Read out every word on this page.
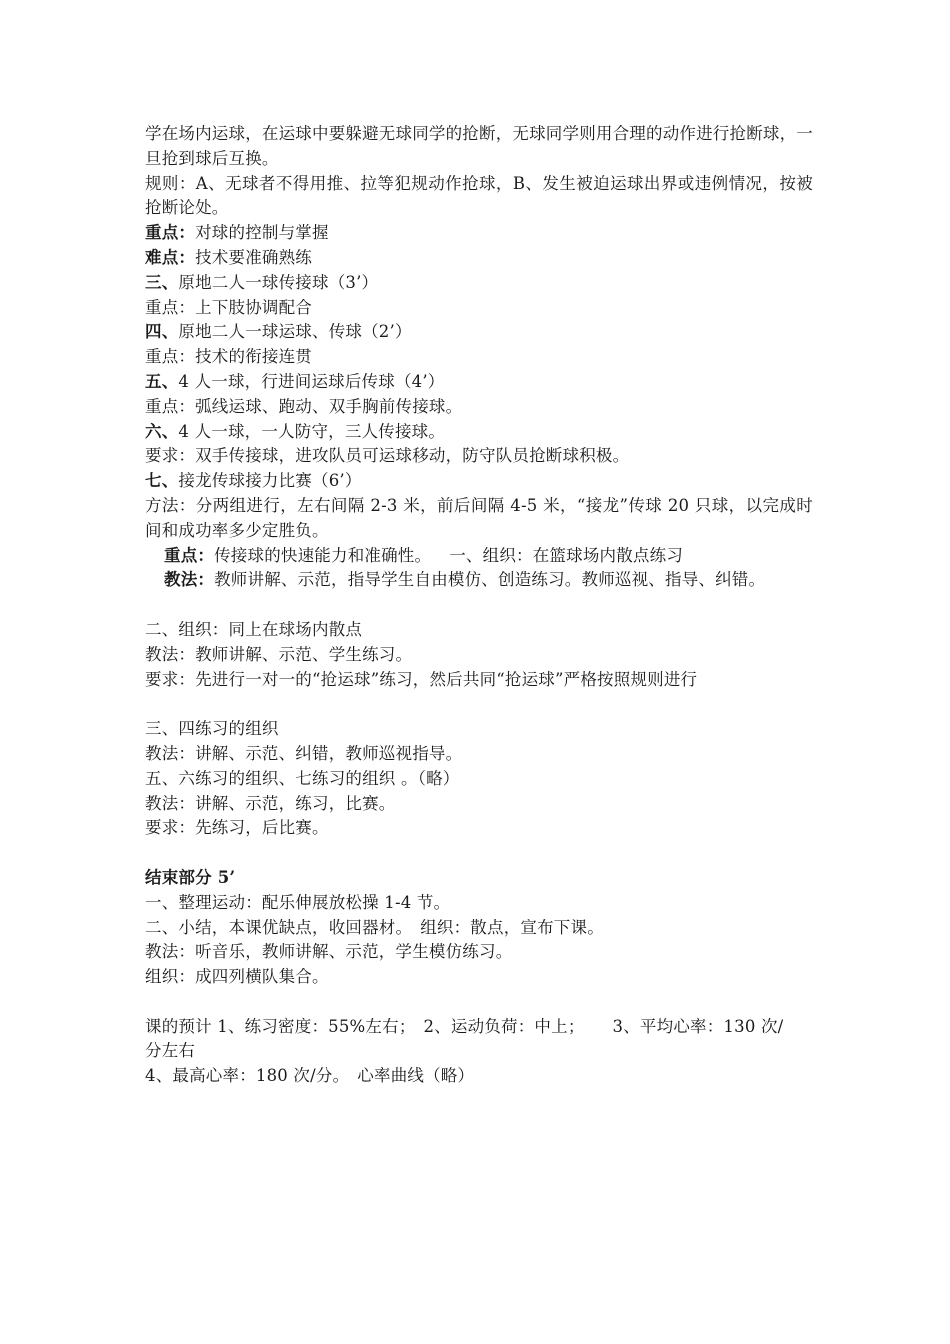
学在场内运球，在运球中要躲避无球同学的抢断，无球同学则用合理的动作进行抢断球，一旦抢到球后互换。
规则：A、无球者不得用推、拉等犯规动作抢球，B、发生被迫运球出界或违例情况，按被抢断论处。
重点：对球的控制与掌握
难点：技术要准确熟练
三、原地二人一球传接球（3’）
重点：上下肢协调配合
四、原地二人一球运球、传球（2’）
重点：技术的衔接连贯
五、4 人一球，行进间运球后传球（4’）
重点：弧线运球、跑动、双手胸前传接球。
六、4 人一球，一人防守，三人传接球。
要求：双手传接球，进攻队员可运球移动，防守队员抢断球积极。
七、接龙传球接力比赛（6’）
方法：分两组进行，左右间隔 2-3 米，前后间隔 4-5 米，“接龙”传球 20 只球，以完成时间和成功率多少定胜负。
重点：传接球的快速能力和准确性。 一、组织：在篮球场内散点练习
教法：教师讲解、示范，指导学生自由模仿、创造练习。教师巡视、指导、纠错。
二、组织：同上在球场内散点
教法：教师讲解、示范、学生练习。
要求：先进行一对一的“抢运球”练习，然后共同“抢运球”严格按照规则进行
三、四练习的组织
教法：讲解、示范、纠错，教师巡视指导。
五、六练习的组织、七练习的组织 。（略）
教法：讲解、示范，练习，比赛。
要求：先练习，后比赛。
结束部分 5’
一、整理运动：配乐伸展放松操 1-4 节。
二、小结，本课优缺点，收回器材。 组织：散点，宣布下课。
教法：听音乐，教师讲解、示范，学生模仿练习。
组织：成四列横队集合。
课的预计 1、练习密度：55%左右； 2、运动负荷：中上； 3、平均心率：130 次/
分左右
4、最高心率：180 次/分。 心率曲线（略）
